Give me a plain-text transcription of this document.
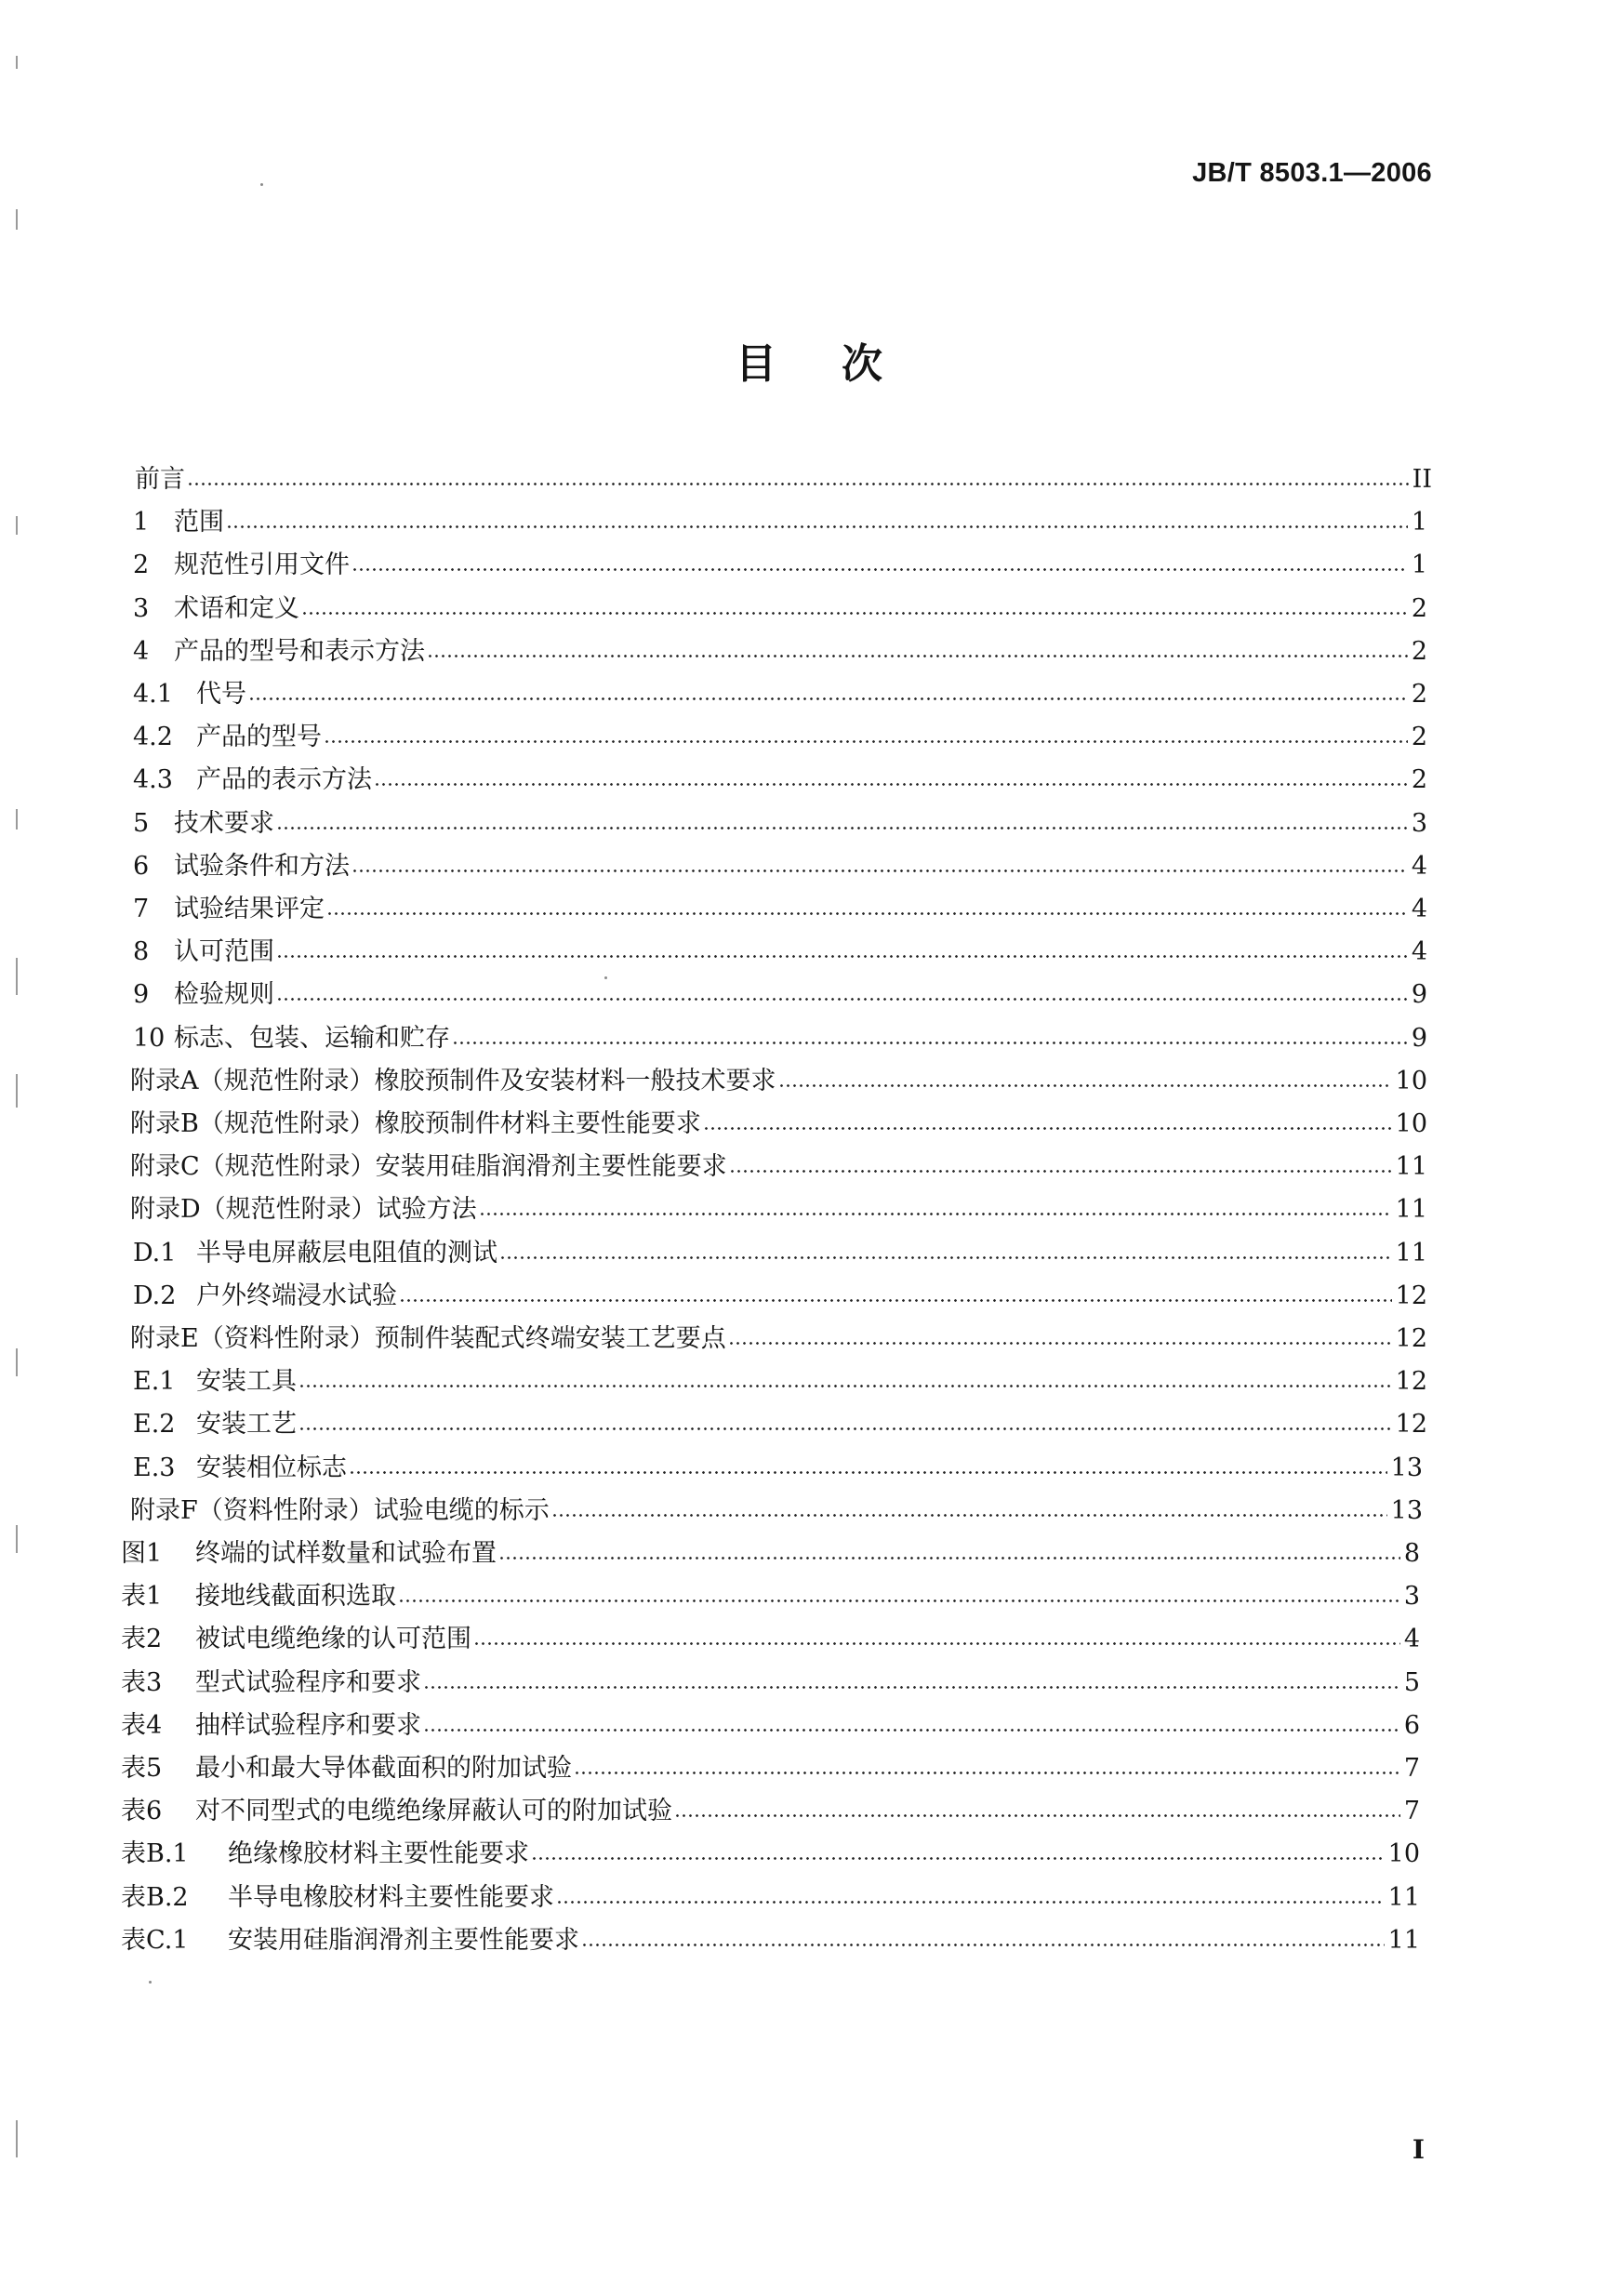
JB/T 8503.1—2006
目次
前言	II
1 范围	1
2 规范性引用文件	1
3 术语和定义	2
4 产品的型号和表示方法	2
4.1 代号	2
4.2 产品的型号	2
4.3 产品的表示方法	2
5 技术要求	3
6 试验条件和方法	4
7 试验结果评定	4
8 认可范围	4
9 检验规则	9
10 标志、包装、运输和贮存	9
附录A（规范性附录）橡胶预制件及安装材料一般技术要求	10
附录B（规范性附录）橡胶预制件材料主要性能要求	10
附录C（规范性附录）安装用硅脂润滑剂主要性能要求	11
附录D（规范性附录）试验方法	11
D.1 半导电屏蔽层电阻值的测试	11
D.2 户外终端浸水试验	12
附录E（资料性附录）预制件装配式终端安装工艺要点	12
E.1 安装工具	12
E.2 安装工艺	12
E.3 安装相位标志	13
附录F（资料性附录）试验电缆的标示	13
图1	终端的试样数量和试验布置	8
表1	接地线截面积选取	3
表2	被试电缆绝缘的认可范围	4
表3	型式试验程序和要求	5
表4	抽样试验程序和要求	6
表5	最小和最大导体截面积的附加试验	7
表6	对不同型式的电缆绝缘屏蔽认可的附加试验	7
表B.1	绝缘橡胶材料主要性能要求	10
表B.2	半导电橡胶材料主要性能要求	11
表C.1	安装用硅脂润滑剂主要性能要求	11
I
